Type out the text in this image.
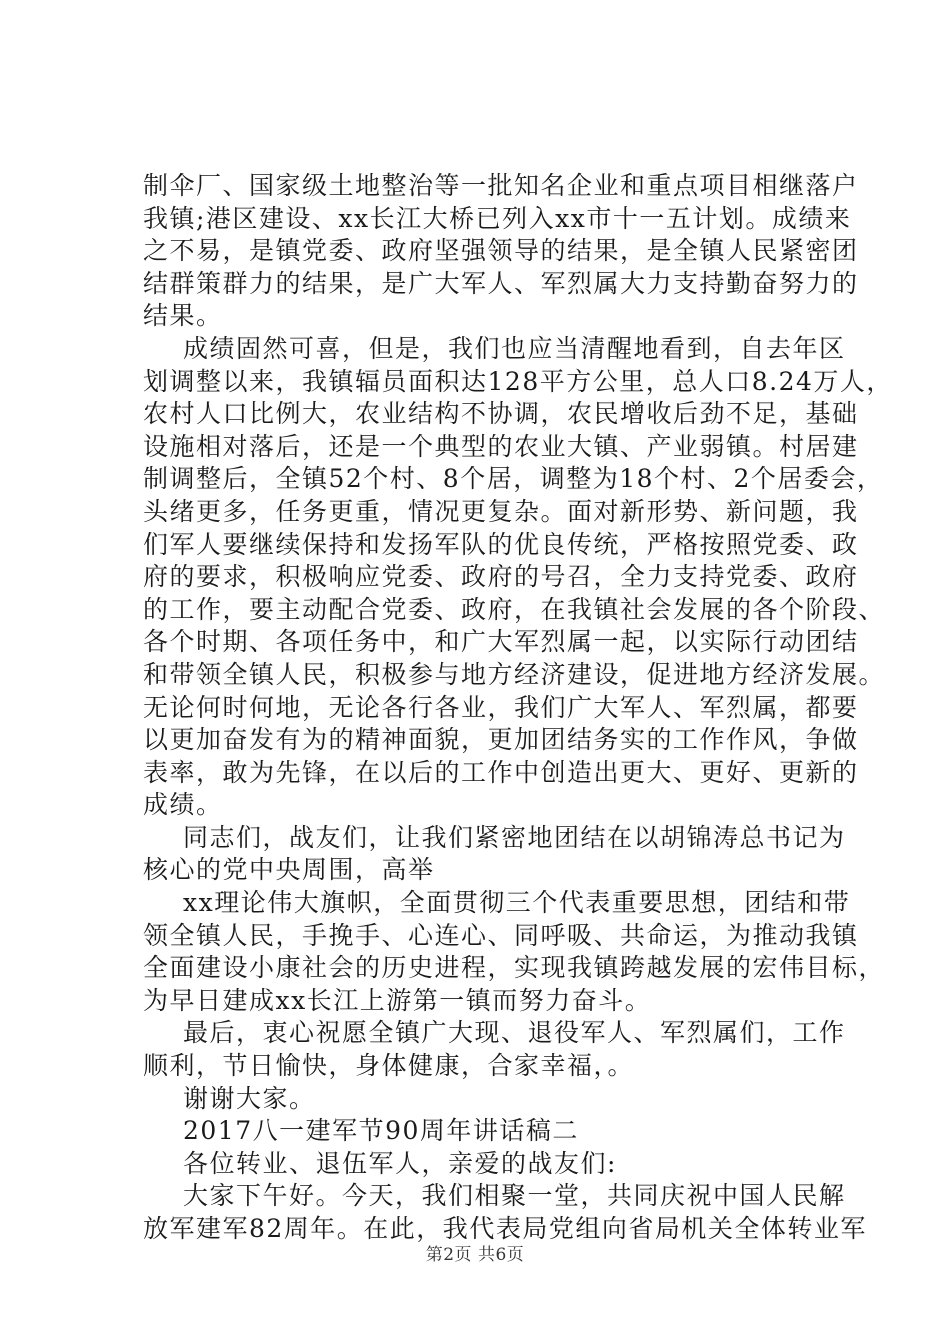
制伞厂、国家级土地整治等一批知名企业和重点项目相继落户
我镇;港区建设、xx长江大桥已列入xx市十一五计划。成绩来
之不易，是镇党委、政府坚强领导的结果，是全镇人民紧密团
结群策群力的结果，是广大军人、军烈属大力支持勤奋努力的
结果。
成绩固然可喜，但是，我们也应当清醒地看到，自去年区
划调整以来，我镇辐员面积达128平方公里，总人口8.24万人，
农村人口比例大，农业结构不协调，农民增收后劲不足，基础
设施相对落后，还是一个典型的农业大镇、产业弱镇。村居建
制调整后，全镇52个村、8个居，调整为18个村、2个居委会，
头绪更多，任务更重，情况更复杂。面对新形势、新问题，我
们军人要继续保持和发扬军队的优良传统，严格按照党委、政
府的要求，积极响应党委、政府的号召，全力支持党委、政府
的工作，要主动配合党委、政府，在我镇社会发展的各个阶段、
各个时期、各项任务中，和广大军烈属一起，以实际行动团结
和带领全镇人民，积极参与地方经济建设，促进地方经济发展。
无论何时何地，无论各行各业，我们广大军人、军烈属，都要
以更加奋发有为的精神面貌，更加团结务实的工作作风，争做
表率，敢为先锋，在以后的工作中创造出更大、更好、更新的
成绩。
同志们，战友们，让我们紧密地团结在以胡锦涛总书记为
核心的党中央周围，高举
xx理论伟大旗帜，全面贯彻三个代表重要思想，团结和带
领全镇人民，手挽手、心连心、同呼吸、共命运，为推动我镇
全面建设小康社会的历史进程，实现我镇跨越发展的宏伟目标，
为早日建成xx长江上游第一镇而努力奋斗。
最后，衷心祝愿全镇广大现、退役军人、军烈属们，工作
顺利，节日愉快，身体健康，合家幸福，。
谢谢大家。
2017八一建军节90周年讲话稿二
各位转业、退伍军人，亲爱的战友们:
大家下午好。今天，我们相聚一堂，共同庆祝中国人民解
放军建军82周年。在此，我代表局党组向省局机关全体转业军
第2页 共6页
